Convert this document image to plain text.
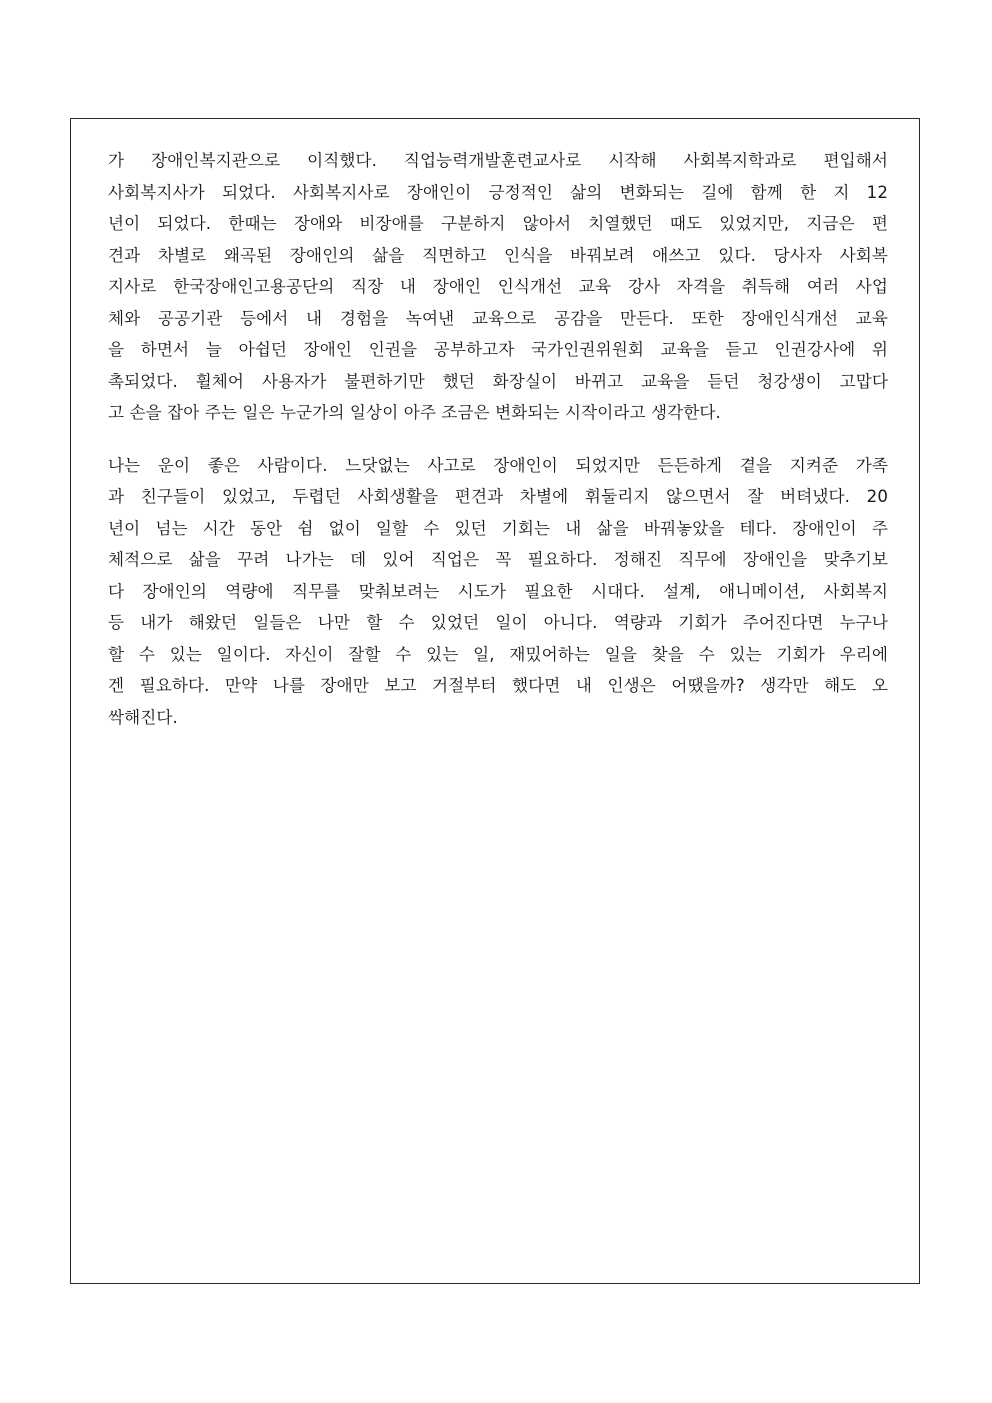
가 장애인복지관으로 이직했다. 직업능력개발훈련교사로 시작해 사회복지학과로 편입해서
사회복지사가 되었다. 사회복지사로 장애인이 긍정적인 삶의 변화되는 길에 함께 한 지 12
년이 되었다. 한때는 장애와 비장애를 구분하지 않아서 치열했던 때도 있었지만, 지금은 편
견과 차별로 왜곡된 장애인의 삶을 직면하고 인식을 바꿔보려 애쓰고 있다. 당사자 사회복
지사로 한국장애인고용공단의 직장 내 장애인 인식개선 교육 강사 자격을 취득해 여러 사업
체와 공공기관 등에서 내 경험을 녹여낸 교육으로 공감을 만든다. 또한 장애인식개선 교육
을 하면서 늘 아쉽던 장애인 인권을 공부하고자 국가인권위원회 교육을 듣고 인권강사에 위
촉되었다. 휠체어 사용자가 불편하기만 했던 화장실이 바뀌고 교육을 듣던 청강생이 고맙다
고 손을 잡아 주는 일은 누군가의 일상이 아주 조금은 변화되는 시작이라고 생각한다.
나는 운이 좋은 사람이다. 느닷없는 사고로 장애인이 되었지만 든든하게 곁을 지켜준 가족
과 친구들이 있었고, 두렵던 사회생활을 편견과 차별에 휘둘리지 않으면서 잘 버텨냈다. 20
년이 넘는 시간 동안 쉼 없이 일할 수 있던 기회는 내 삶을 바꿔놓았을 테다. 장애인이 주
체적으로 삶을 꾸려 나가는 데 있어 직업은 꼭 필요하다. 정해진 직무에 장애인을 맞추기보
다 장애인의 역량에 직무를 맞춰보려는 시도가 필요한 시대다. 설계, 애니메이션, 사회복지
등 내가 해왔던 일들은 나만 할 수 있었던 일이 아니다. 역량과 기회가 주어진다면 누구나
할 수 있는 일이다. 자신이 잘할 수 있는 일, 재밌어하는 일을 찾을 수 있는 기회가 우리에
겐 필요하다. 만약 나를 장애만 보고 거절부터 했다면 내 인생은 어땠을까? 생각만 해도 오
싹해진다.
